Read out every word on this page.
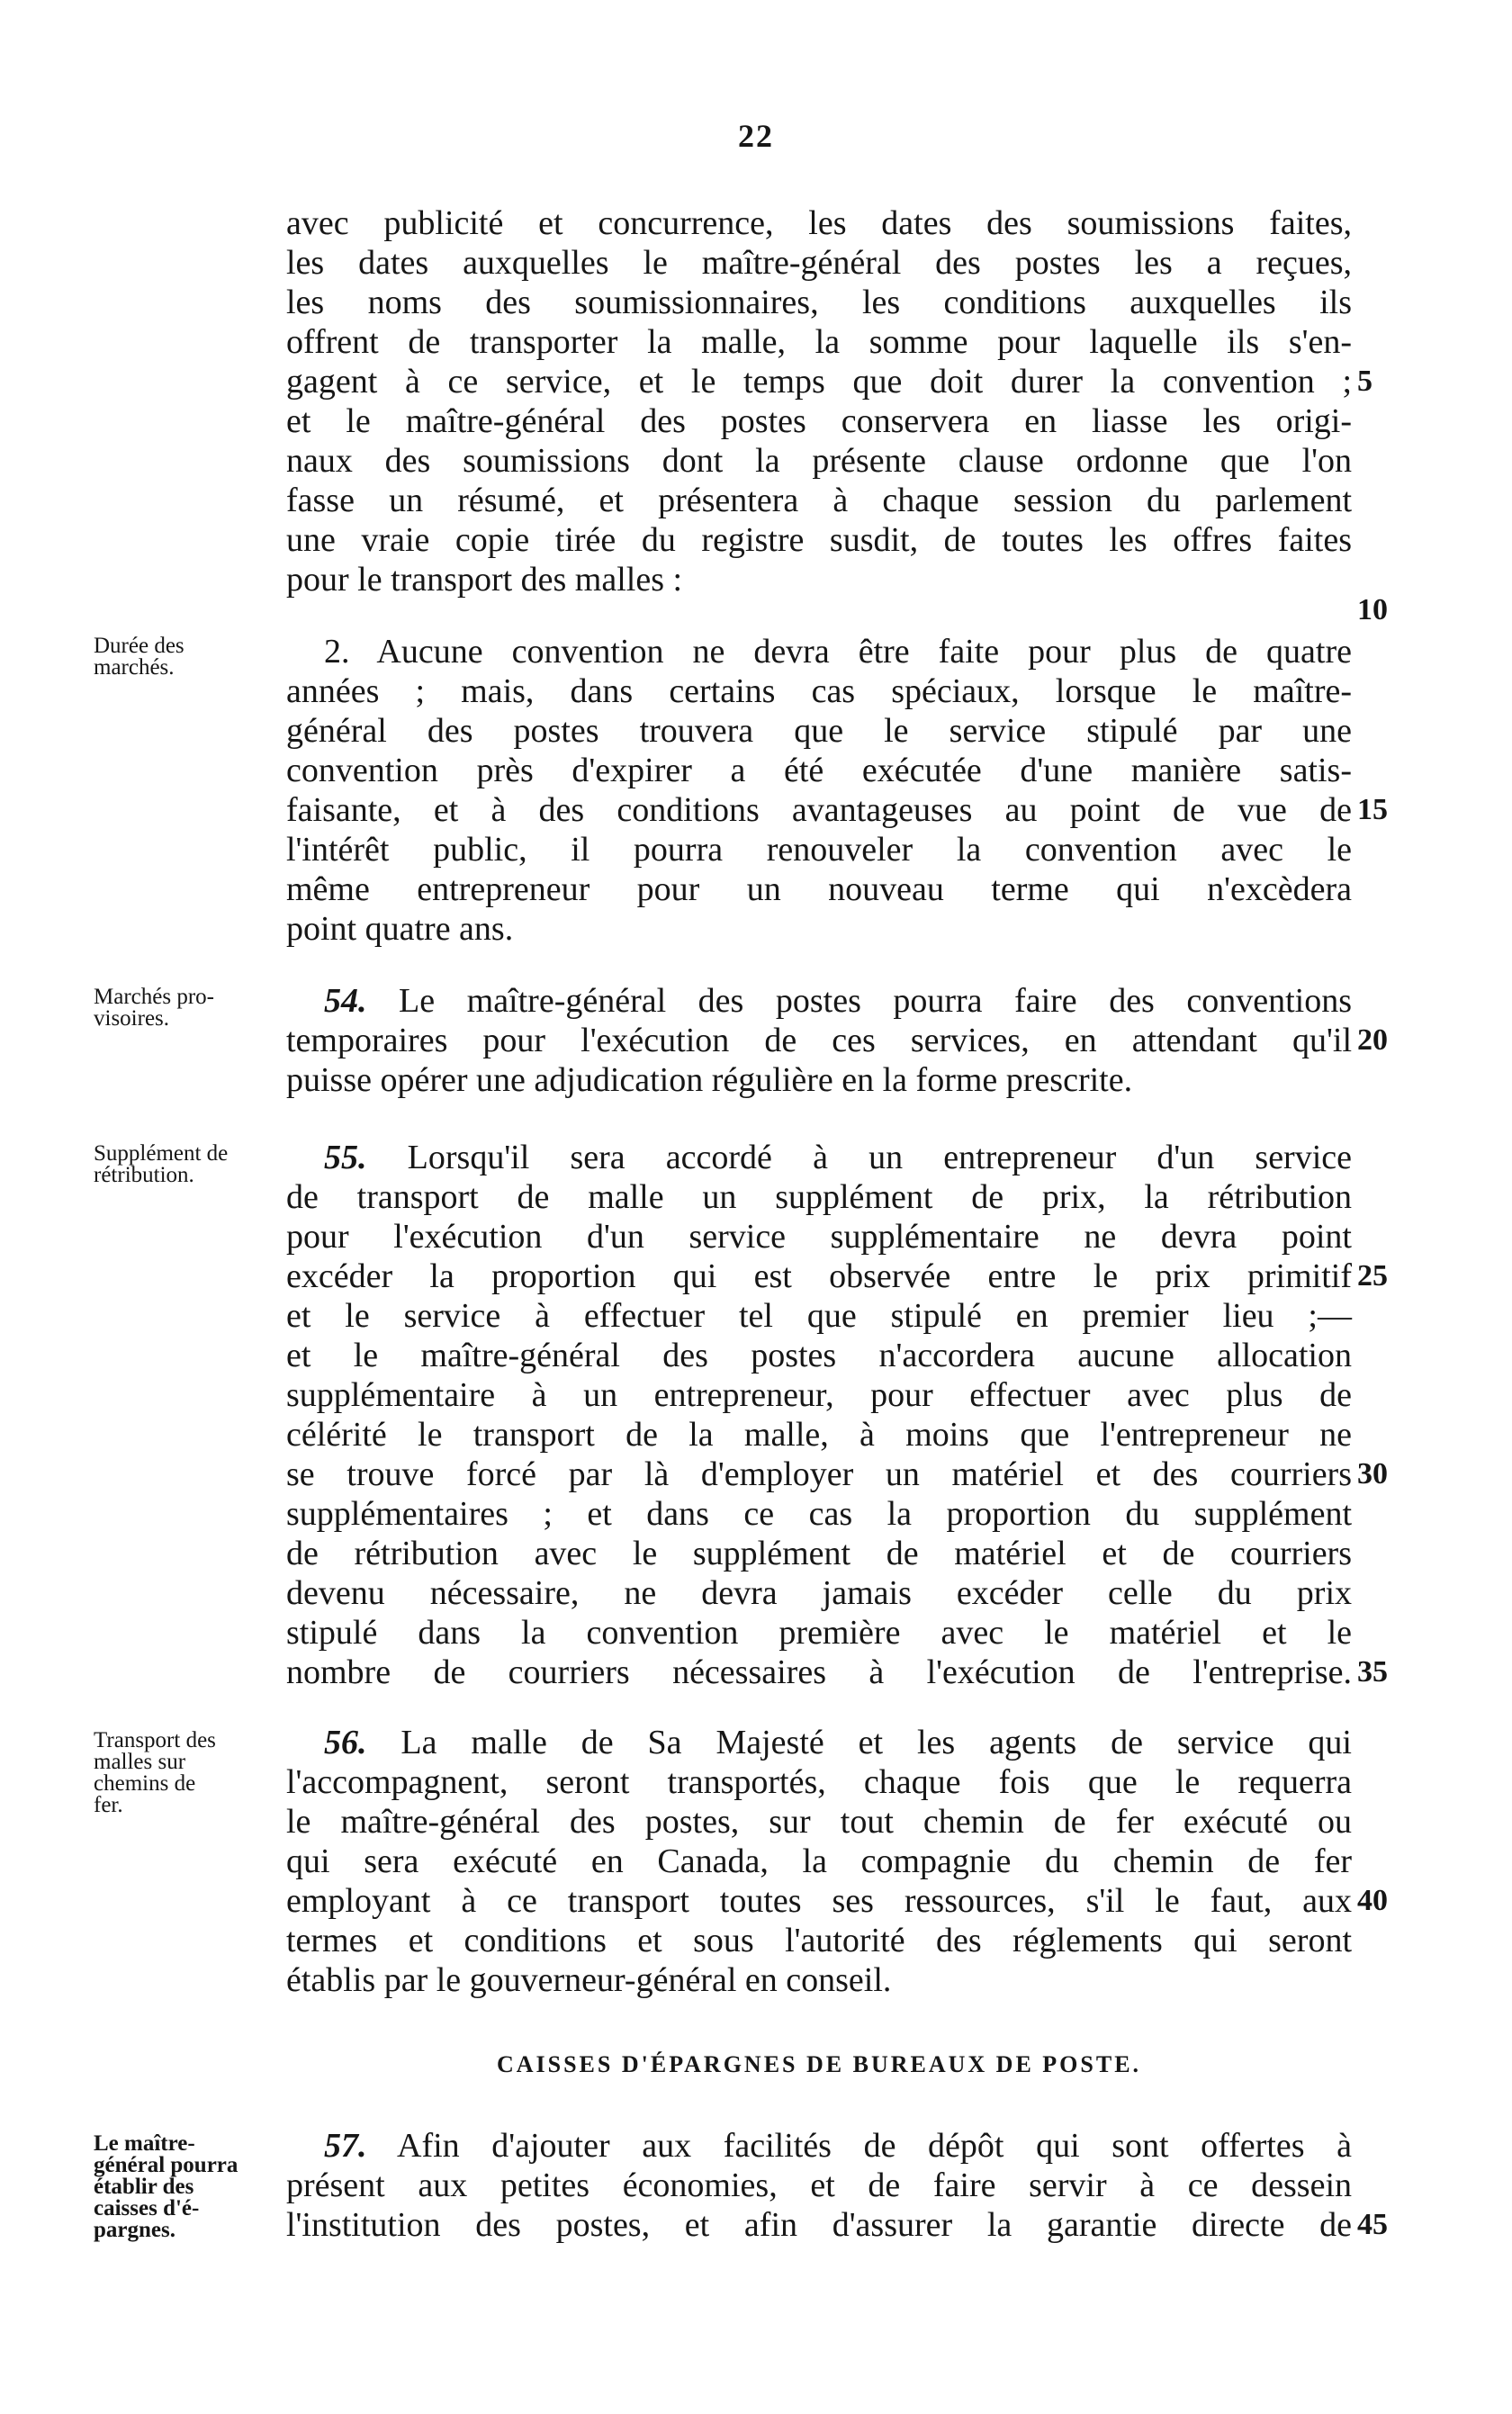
22
avec publicité et concurrence, les dates des soumissions faites,
les dates auxquelles le maître-général des postes les a reçues,
les noms des soumissionnaires, les conditions auxquelles ils
offrent de transporter la malle, la somme pour laquelle ils s'en-
gagent à ce service, et le temps que doit durer la convention ;
et le maître-général des postes conservera en liasse les origi-
naux des soumissions dont la présente clause ordonne que l'on
fasse un résumé, et présentera à chaque session du parlement
une vraie copie tirée du registre susdit, de toutes les offres faites
pour le transport des malles :
2. Aucune convention ne devra être faite pour plus de quatre
années ; mais, dans certains cas spéciaux, lorsque le maître-
général des postes trouvera que le service stipulé par une
convention près d'expirer a été exécutée d'une manière satis-
faisante, et à des conditions avantageuses au point de vue de
l'intérêt public, il pourra renouveler la convention avec le
même entrepreneur pour un nouveau terme qui n'excèdera
point quatre ans.
54. Le maître-général des postes pourra faire des conventions
temporaires pour l'exécution de ces services, en attendant qu'il
puisse opérer une adjudication régulière en la forme prescrite.
55. Lorsqu'il sera accordé à un entrepreneur d'un service
de transport de malle un supplément de prix, la rétribution
pour l'exécution d'un service supplémentaire ne devra point
excéder la proportion qui est observée entre le prix primitif
et le service à effectuer tel que stipulé en premier lieu ;—
et le maître-général des postes n'accordera aucune allocation
supplémentaire à un entrepreneur, pour effectuer avec plus de
célérité le transport de la malle, à moins que l'entrepreneur ne
se trouve forcé par là d'employer un matériel et des courriers
supplémentaires ; et dans ce cas la proportion du supplément
de rétribution avec le supplément de matériel et de courriers
devenu nécessaire, ne devra jamais excéder celle du prix
stipulé dans la convention première avec le matériel et le
nombre de courriers nécessaires à l'exécution de l'entreprise.
56. La malle de Sa Majesté et les agents de service qui
l'accompagnent, seront transportés, chaque fois que le requerra
le maître-général des postes, sur tout chemin de fer exécuté ou
qui sera exécuté en Canada, la compagnie du chemin de fer
employant à ce transport toutes ses ressources, s'il le faut, aux
termes et conditions et sous l'autorité des réglements qui seront
établis par le gouverneur-général en conseil.
CAISSES D'ÉPARGNES DE BUREAUX DE POSTE.
57. Afin d'ajouter aux facilités de dépôt qui sont offertes à
présent aux petites économies, et de faire servir à ce dessein
l'institution des postes, et afin d'assurer la garantie directe de
5
10
15
20
25
30
35
40
45
Durée des
marchés.
Marchés pro-
visoires.
Supplément de
rétribution.
Transport des
malles sur
chemins de
fer.
Le maître-
général pourra
établir des
caisses d'é-
pargnes.
